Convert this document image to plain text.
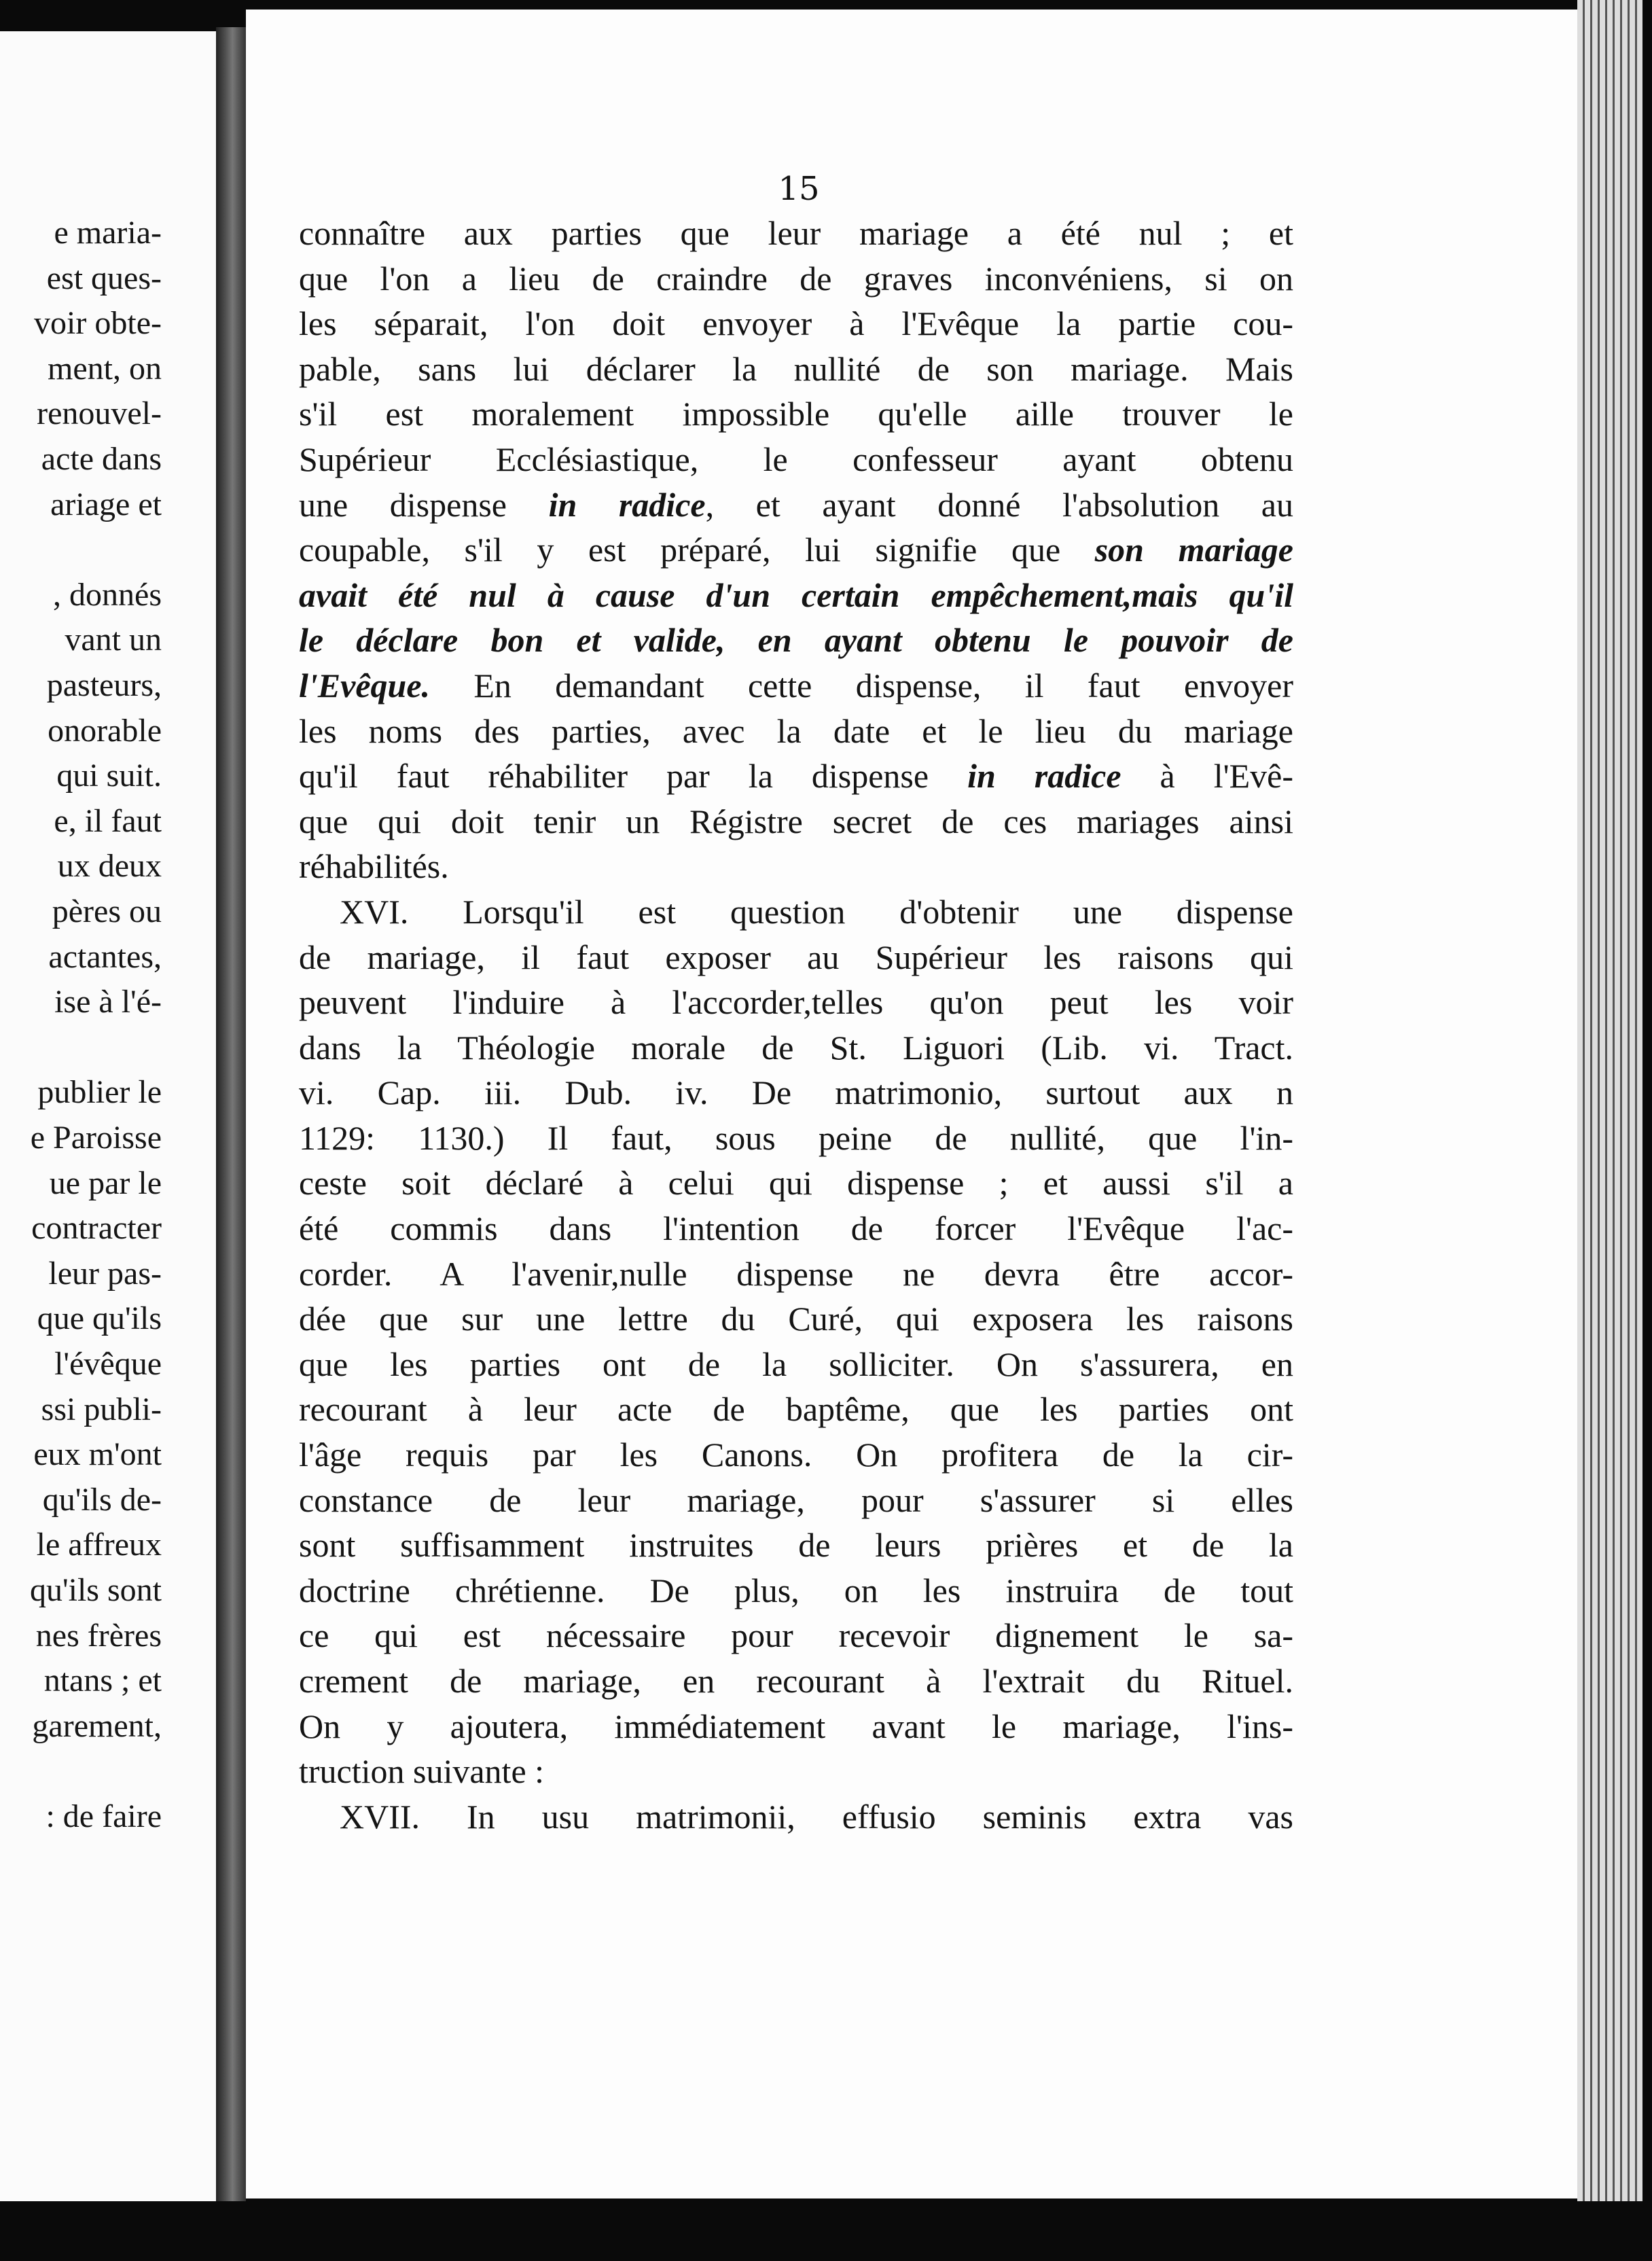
e maria-
est ques-
voir obte-
ment, on
renouvel-
acte dans
ariage et
, donnés
vant un
pasteurs,
onorable
qui suit.
e, il faut
ux deux
pères ou
actantes,
ise à l'é-
publier le
e Paroisse
ue par le
contracter
leur pas-
que qu'ils
l'évêque
ssi publi-
eux m'ont
qu'ils de-
le affreux
qu'ils sont
nes frères
ntans ; et
garement,
: de faire
15
connaître aux parties que leur mariage a été nul ; et
que l'on a lieu de craindre de graves inconvéniens, si on
les séparait, l'on doit envoyer à l'Evêque la partie cou-
pable, sans lui déclarer la nullité de son mariage. Mais
s'il est moralement impossible qu'elle aille trouver le
Supérieur Ecclésiastique, le confesseur ayant obtenu
une dispense in radice, et ayant donné l'absolution au
coupable, s'il y est préparé, lui signifie que son mariage
avait été nul à cause d'un certain empêchement,mais qu'il
le déclare bon et valide, en ayant obtenu le pouvoir de
l'Evêque. En demandant cette dispense, il faut envoyer
les noms des parties, avec la date et le lieu du mariage
qu'il faut réhabiliter par la dispense in radice à l'Evê-
que qui doit tenir un Régistre secret de ces mariages ainsi
réhabilités.
XVI. Lorsqu'il est question d'obtenir une dispense
de mariage, il faut exposer au Supérieur les raisons qui
peuvent l'induire à l'accorder,telles qu'on peut les voir
dans la Théologie morale de St. Liguori (Lib. vi. Tract.
vi. Cap. iii. Dub. iv. De matrimonio, surtout aux n
1129: 1130.) Il faut, sous peine de nullité, que l'in-
ceste soit déclaré à celui qui dispense ; et aussi s'il a
été commis dans l'intention de forcer l'Evêque l'ac-
corder. A l'avenir,nulle dispense ne devra être accor-
dée que sur une lettre du Curé, qui exposera les raisons
que les parties ont de la solliciter. On s'assurera, en
recourant à leur acte de baptême, que les parties ont
l'âge requis par les Canons. On profitera de la cir-
constance de leur mariage, pour s'assurer si elles
sont suffisamment instruites de leurs prières et de la
doctrine chrétienne. De plus, on les instruira de tout
ce qui est nécessaire pour recevoir dignement le sa-
crement de mariage, en recourant à l'extrait du Rituel.
On y ajoutera, immédiatement avant le mariage, l'ins-
truction suivante :
XVII. In usu matrimonii, effusio seminis extra vas
